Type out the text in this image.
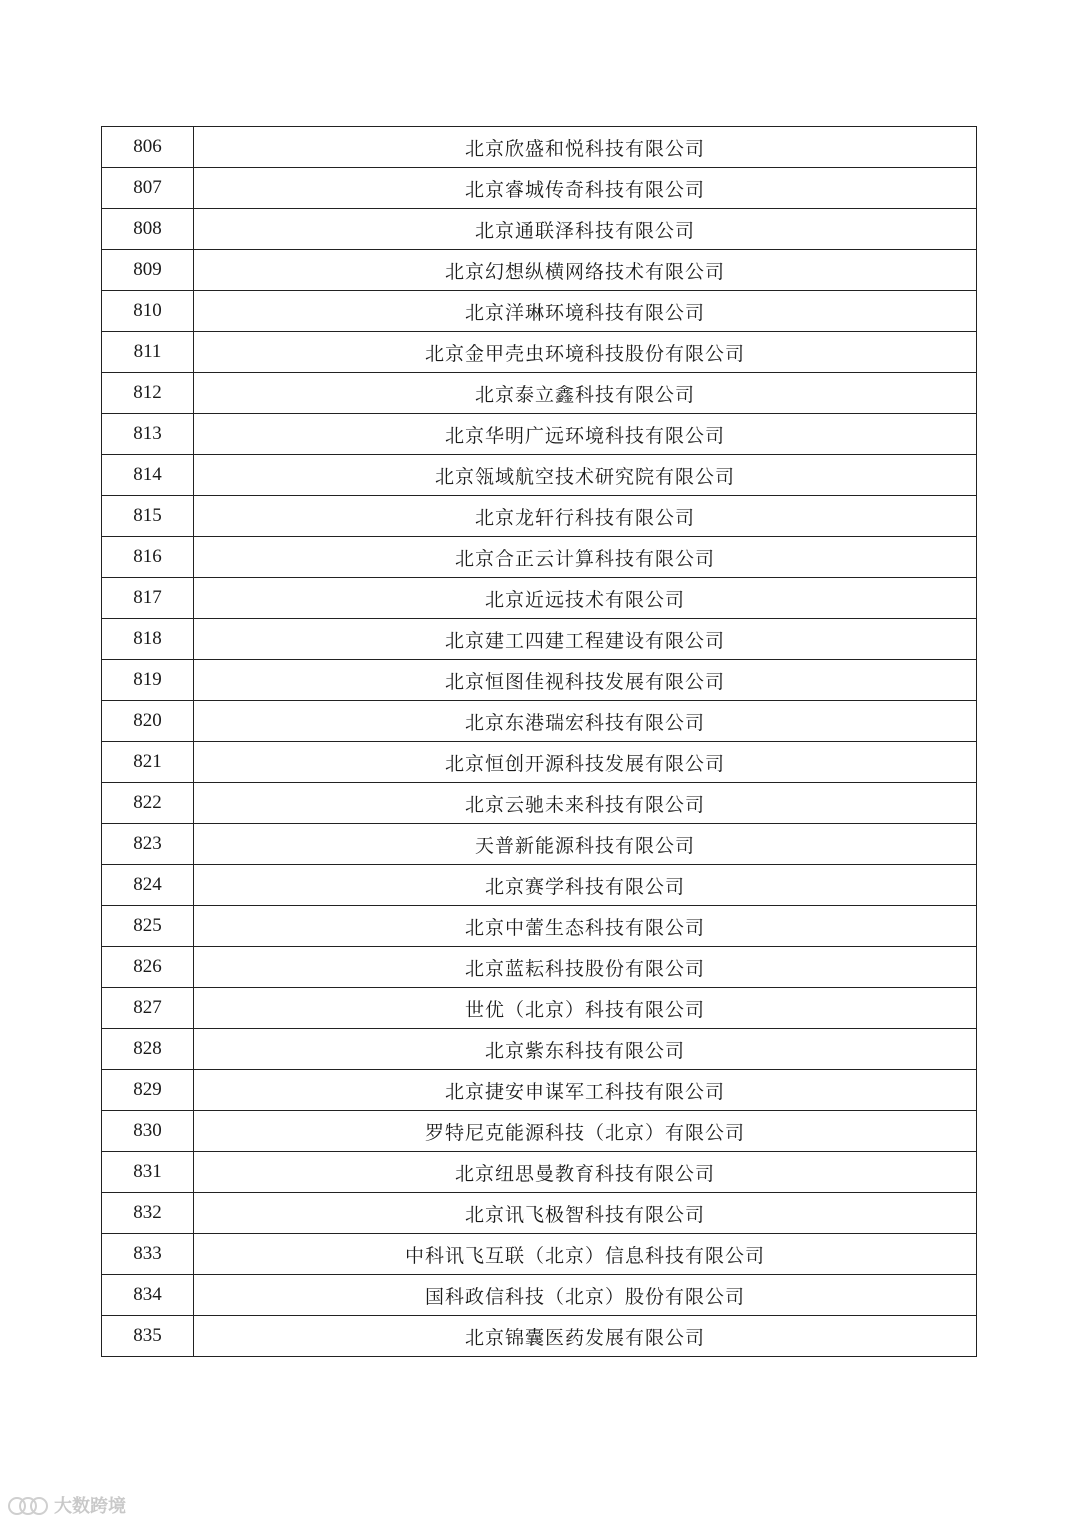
806	北京欣盛和悦科技有限公司
807	北京睿城传奇科技有限公司
808	北京通联泽科技有限公司
809	北京幻想纵横网络技术有限公司
810	北京洋琳环境科技有限公司
811	北京金甲壳虫环境科技股份有限公司
812	北京泰立鑫科技有限公司
813	北京华明广远环境科技有限公司
814	北京瓴域航空技术研究院有限公司
815	北京龙轩行科技有限公司
816	北京合正云计算科技有限公司
817	北京近远技术有限公司
818	北京建工四建工程建设有限公司
819	北京恒图佳视科技发展有限公司
820	北京东港瑞宏科技有限公司
821	北京恒创开源科技发展有限公司
822	北京云驰未来科技有限公司
823	天普新能源科技有限公司
824	北京赛学科技有限公司
825	北京中蕾生态科技有限公司
826	北京蓝耘科技股份有限公司
827	世优（北京）科技有限公司
828	北京紫东科技有限公司
829	北京捷安申谋军工科技有限公司
830	罗特尼克能源科技（北京）有限公司
831	北京纽思曼教育科技有限公司
832	北京讯飞极智科技有限公司
833	中科讯飞互联（北京）信息科技有限公司
834	国科政信科技（北京）股份有限公司
835	北京锦囊医药发展有限公司
大数跨境
